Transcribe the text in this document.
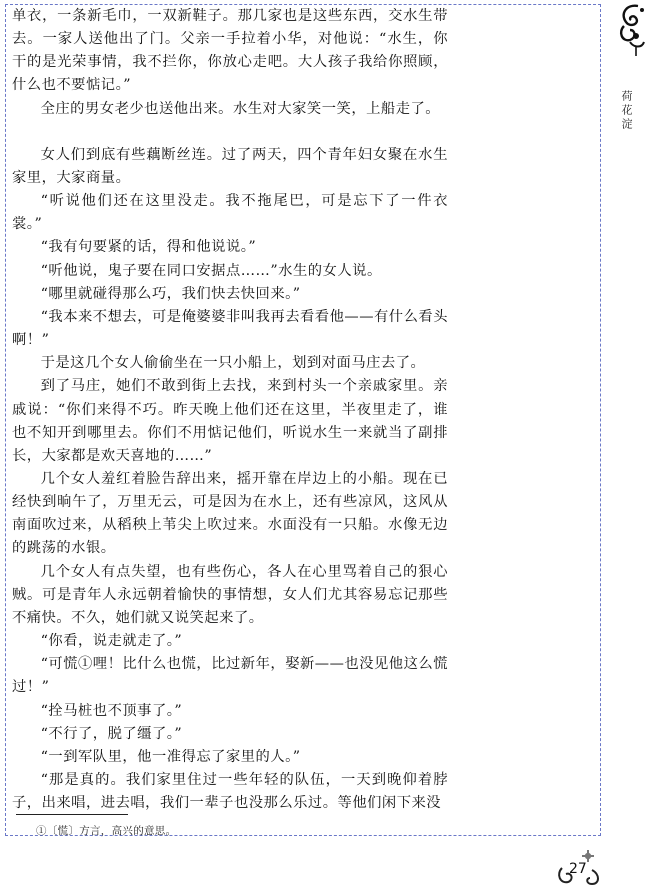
单衣，一条新毛巾，一双新鞋子。那几家也是这些东西，交水生带去。一家人送他出了门。父亲一手拉着小华，对他说：“水生，你干的是光荣事情，我不拦你，你放心走吧。大人孩子我给你照顾，什么也不要惦记。”

全庄的男女老少也送他出来。水生对大家笑一笑，上船走了。

女人们到底有些藕断丝连。过了两天，四个青年妇女聚在水生家里，大家商量。

“听说他们还在这里没走。我不拖尾巴，可是忘下了一件衣裳。”

“我有句要紧的话，得和他说说。”

“听他说，鬼子要在同口安据点……”水生的女人说。

“哪里就碰得那么巧，我们快去快回来。”

“我本来不想去，可是俺婆婆非叫我再去看看他——有什么看头啊！”

于是这几个女人偷偷坐在一只小船上，划到对面马庄去了。

到了马庄，她们不敢到街上去找，来到村头一个亲戚家里。亲戚说：“你们来得不巧。昨天晚上他们还在这里，半夜里走了，谁也不知开到哪里去。你们不用惦记他们，听说水生一来就当了副排长，大家都是欢天喜地的……”

几个女人羞红着脸告辞出来，摇开靠在岸边上的小船。现在已经快到晌午了，万里无云，可是因为在水上，还有些凉风，这风从南面吹过来，从稻秧上苇尖上吹过来。水面没有一只船。水像无边的跳荡的水银。

几个女人有点失望，也有些伤心，各人在心里骂着自己的狠心贼。可是青年人永远朝着愉快的事情想，女人们尤其容易忘记那些不痛快。不久，她们就又说笑起来了。

“你看，说走就走了。”

“可慌①哩！比什么也慌，比过新年，娶新——也没见他这么慌过！”

“拴马桩也不顶事了。”

“不行了，脱了缰了。”

“一到军队里，他一准得忘了家里的人。”

“那是真的。我们家里住过一些年轻的队伍，一天到晚仰着脖子，出来唱，进去唱，我们一辈子也没那么乐过。等他们闲下来没

①〔慌〕方言，高兴的意思。
荷花淀
27
